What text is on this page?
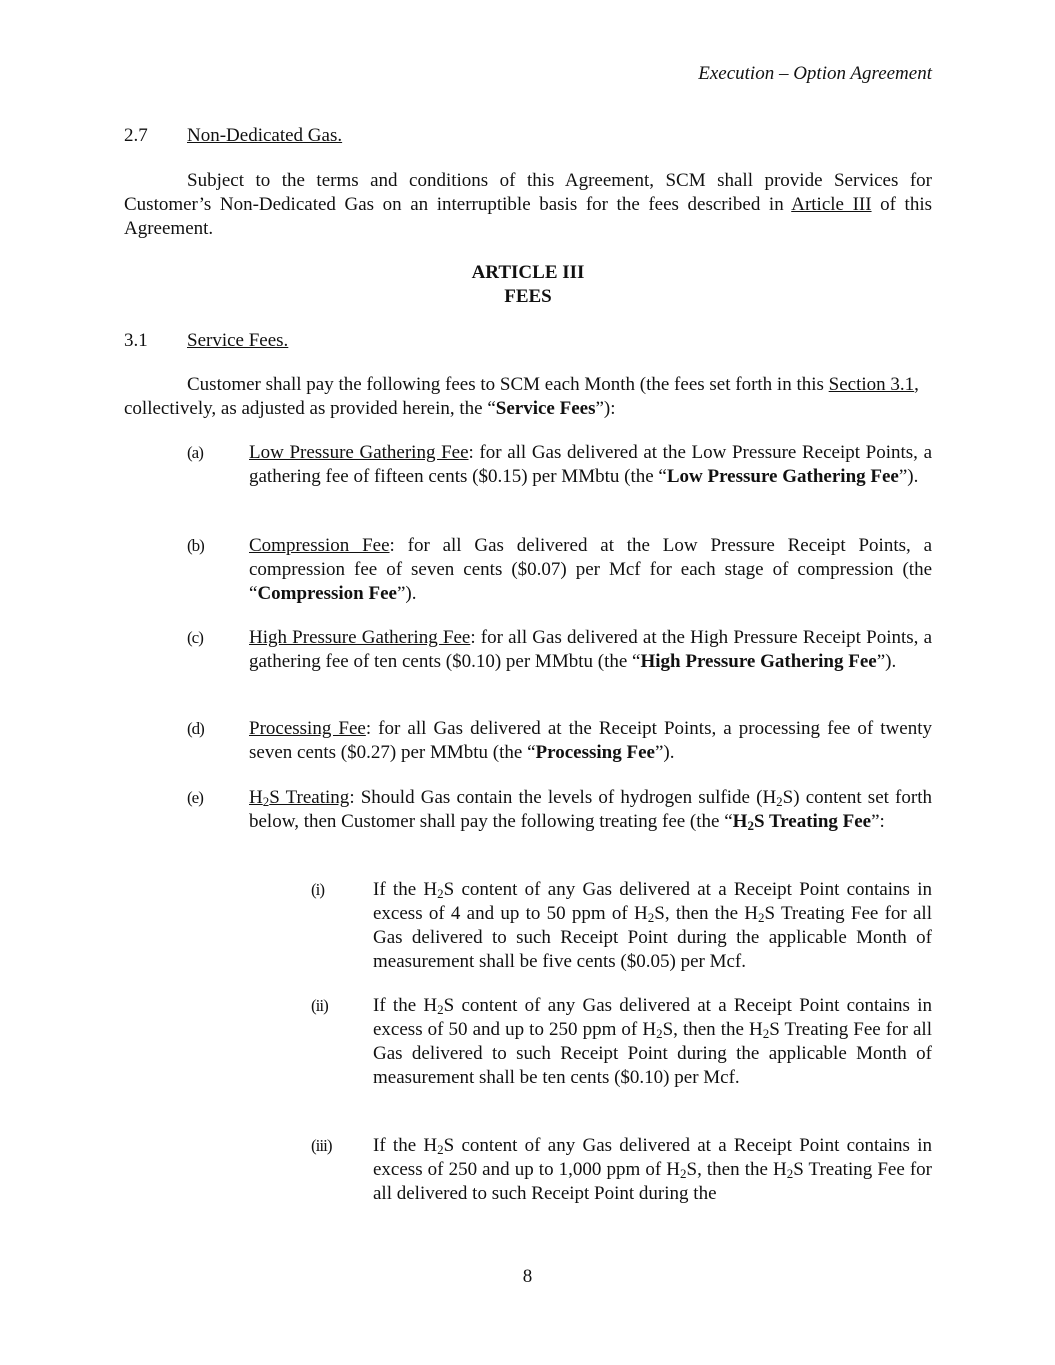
Execution – Option Agreement
2.7 Non-Dedicated Gas.
Subject to the terms and conditions of this Agreement, SCM shall provide Services for Customer’s Non-Dedicated Gas on an interruptible basis for the fees described in Article III of this Agreement.
ARTICLE III
FEES
3.1 Service Fees.
Customer shall pay the following fees to SCM each Month (the fees set forth in this Section 3.1, collectively, as adjusted as provided herein, the “Service Fees”):
(a) Low Pressure Gathering Fee: for all Gas delivered at the Low Pressure Receipt Points, a gathering fee of fifteen cents ($0.15) per MMbtu (the “Low Pressure Gathering Fee”).
(b) Compression Fee: for all Gas delivered at the Low Pressure Receipt Points, a compression fee of seven cents ($0.07) per Mcf for each stage of compression (the “Compression Fee”).
(c) High Pressure Gathering Fee: for all Gas delivered at the High Pressure Receipt Points, a gathering fee of ten cents ($0.10) per MMbtu (the “High Pressure Gathering Fee”).
(d) Processing Fee: for all Gas delivered at the Receipt Points, a processing fee of twenty seven cents ($0.27) per MMbtu (the “Processing Fee”).
(e) $H_2S$ Treating: Should Gas contain the levels of hydrogen sulfide $(H_2S)$ content set forth below, then Customer shall pay the following treating fee (the “$H_2S$ Treating Fee”:
(i)	If the $H_2S$ content of any Gas delivered at a Receipt Point contains in excess of 4 and up to 50 ppm of $H_2S$, then the $H_2S$ Treating Fee for all Gas delivered to such Receipt Point during the applicable Month of measurement shall be five cents ($0.05) per Mcf.
(ii) If the $H_2S$ content of any Gas delivered at a Receipt Point contains in excess of 50 and up to 250 ppm of $H_2S$, then the $H_2S$ Treating Fee for all Gas delivered to such Receipt Point during the applicable Month of measurement shall be ten cents ($0.10) per Mcf.
(iii) If the $H_2S$ content of any Gas delivered at a Receipt Point contains in excess of 250 and up to 1,000 ppm of $H_2S$, then the $H_2S$ Treating Fee for all delivered to such Receipt Point during the
8
